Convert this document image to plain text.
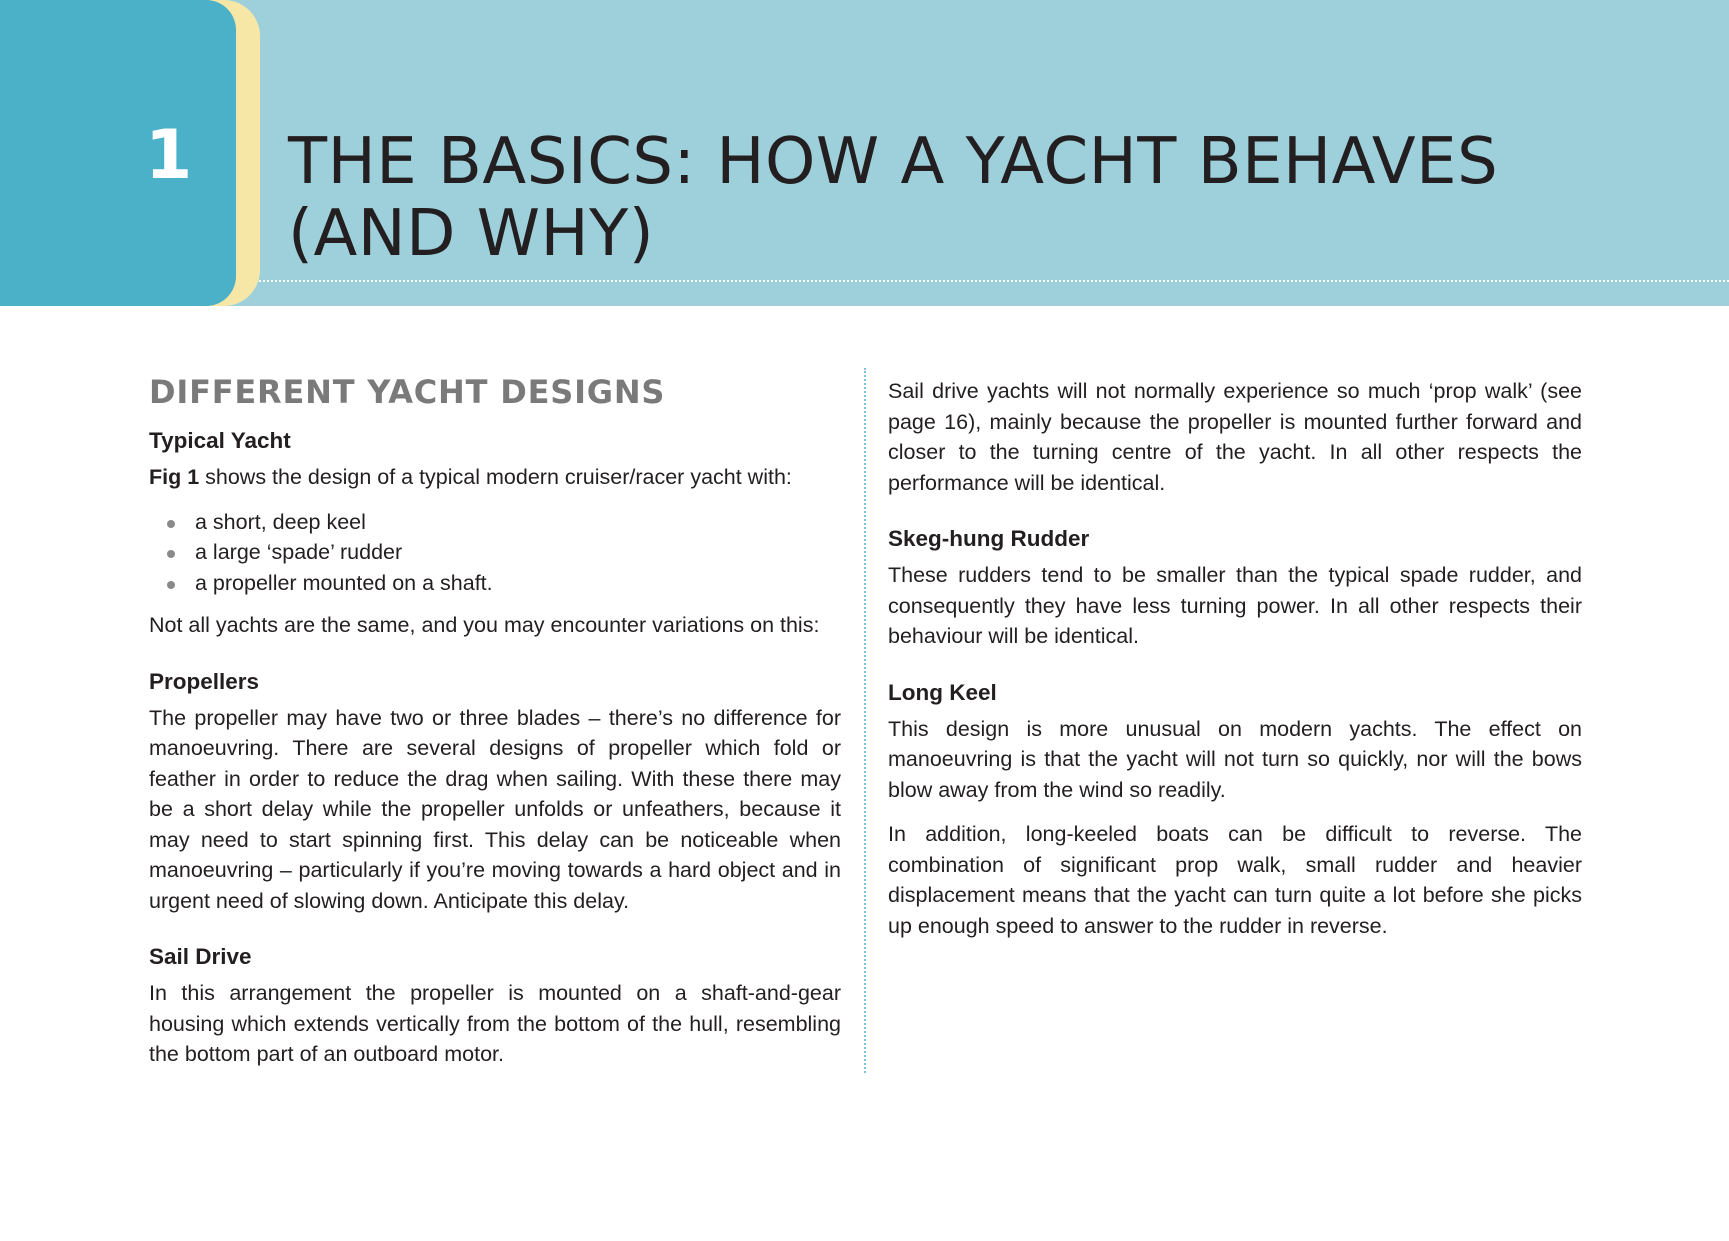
1 THE BASICS: HOW A YACHT BEHAVES
(AND WHY)
DIFFERENT YACHT DESIGNS
Typical Yacht

Fig 1 shows the design of a typical modern cruiser/racer yacht with:

a short, deep keel
a large ‘spade’ rudder
a propeller mounted on a shaft.

Not all yachts are the same, and you may encounter variations on this:

Propellers

The propeller may have two or three blades – there’s no difference for manoeuvring. There are several designs of propeller which fold or feather in order to reduce the drag when sailing. With these there may be a short delay while the propeller unfolds or unfeathers, because it may need to start spinning first. This delay can be noticeable when manoeuvring – particularly if you’re moving towards a hard object and in urgent need of slowing down. Anticipate this delay.

Sail Drive

In this arrangement the propeller is mounted on a shaft-and-gear housing which extends vertically from the bottom of the hull, resembling the bottom part of an outboard motor.

Sail drive yachts will not normally experience so much ‘prop walk’ (see page 16), mainly because the propeller is mounted further forward and closer to the turning centre of the yacht. In all other respects the performance will be identical.

Skeg-hung Rudder

These rudders tend to be smaller than the typical spade rudder, and consequently they have less turning power. In all other respects their behaviour will be identical.

Long Keel

This design is more unusual on modern yachts. The effect on manoeuvring is that the yacht will not turn so quickly, nor will the bows blow away from the wind so readily.

In addition, long-keeled boats can be difficult to reverse. The combination of significant prop walk, small rudder and heavier displacement means that the yacht can turn quite a lot before she picks up enough speed to answer to the rudder in reverse.
